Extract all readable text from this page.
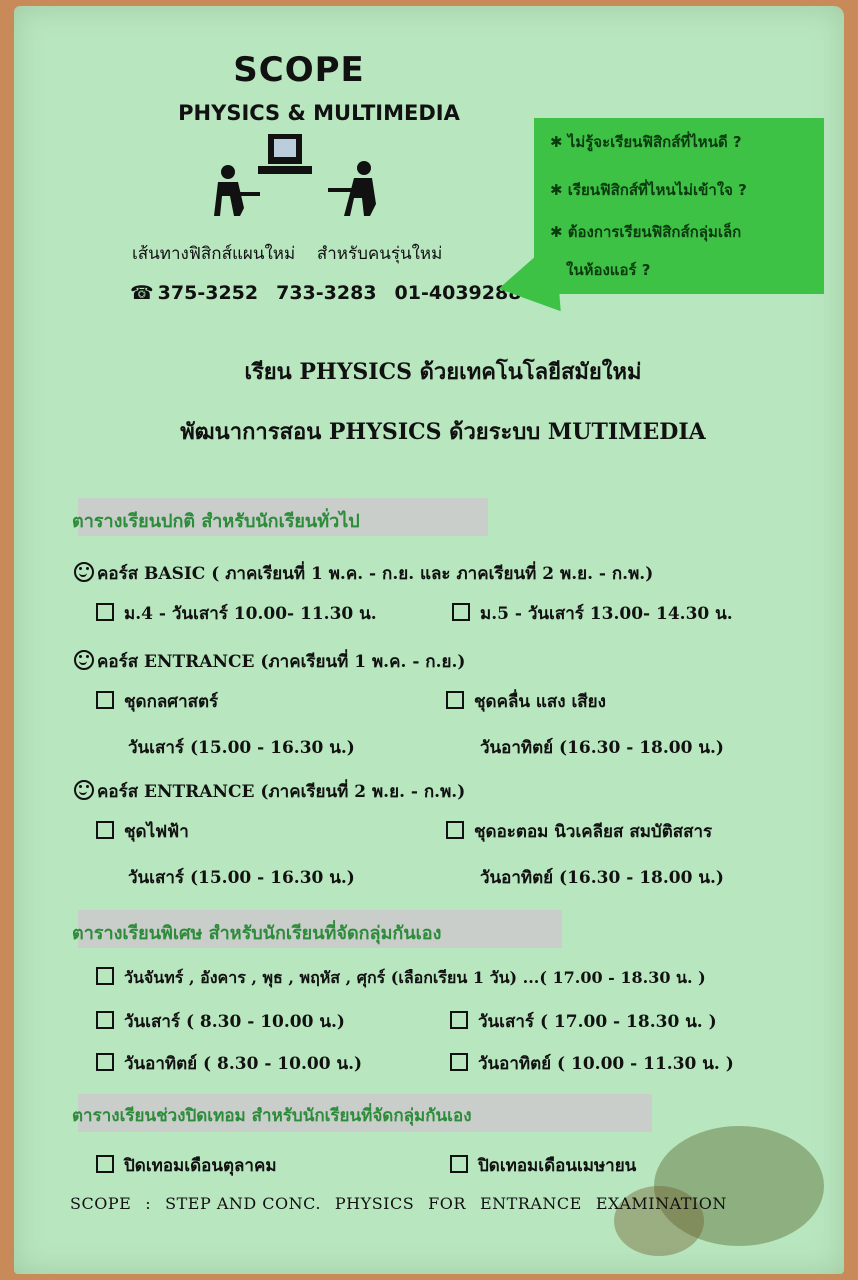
SCOPE
PHYSICS & MULTIMEDIA
เส้นทางฟิสิกส์แผนใหม่ สำหรับคนรุ่นใหม่
☎ 375-3252 733-3283 01-4039288
✱ ไม่รู้จะเรียนฟิสิกส์ที่ไหนดี ?
✱ เรียนฟิสิกส์ที่ไหนไม่เข้าใจ ?
✱ ต้องการเรียนฟิสิกส์กลุ่มเล็ก
ในห้องแอร์ ?
เรียน PHYSICS ด้วยเทคโนโลยีสมัยใหม่
พัฒนาการสอน PHYSICS ด้วยระบบ MUTIMEDIA
ตารางเรียนปกติ สำหรับนักเรียนทั่วไป
คอร์ส BASIC ( ภาคเรียนที่ 1 พ.ค. - ก.ย. และ ภาคเรียนที่ 2 พ.ย. - ก.พ.)
ม.4 - วันเสาร์ 10.00- 11.30 น.	ม.5 - วันเสาร์ 13.00- 14.30 น.
คอร์ส ENTRANCE (ภาคเรียนที่ 1 พ.ค. - ก.ย.)
ชุดกลศาสตร์	ชุดคลื่น แสง เสียง
วันเสาร์ (15.00 - 16.30 น.)	วันอาทิตย์ (16.30 - 18.00 น.)
คอร์ส ENTRANCE (ภาคเรียนที่ 2 พ.ย. - ก.พ.)
ชุดไฟฟ้า	ชุดอะตอม นิวเคลียส สมบัติสสาร
วันเสาร์ (15.00 - 16.30 น.)	วันอาทิตย์ (16.30 - 18.00 น.)
ตารางเรียนพิเศษ สำหรับนักเรียนที่จัดกลุ่มกันเอง
วันจันทร์ , อังคาร , พุธ , พฤหัส , ศุกร์ (เลือกเรียน 1 วัน) ...( 17.00 - 18.30 น. )
วันเสาร์ ( 8.30 - 10.00 น.)	วันเสาร์ ( 17.00 - 18.30 น. )
วันอาทิตย์ ( 8.30 - 10.00 น.)	วันอาทิตย์ ( 10.00 - 11.30 น. )
ตารางเรียนช่วงปิดเทอม สำหรับนักเรียนที่จัดกลุ่มกันเอง
ปิดเทอมเดือนตุลาคม	ปิดเทอมเดือนเมษายน
SCOPE : STEP AND CONC. PHYSICS FOR ENTRANCE EXAMINATION
